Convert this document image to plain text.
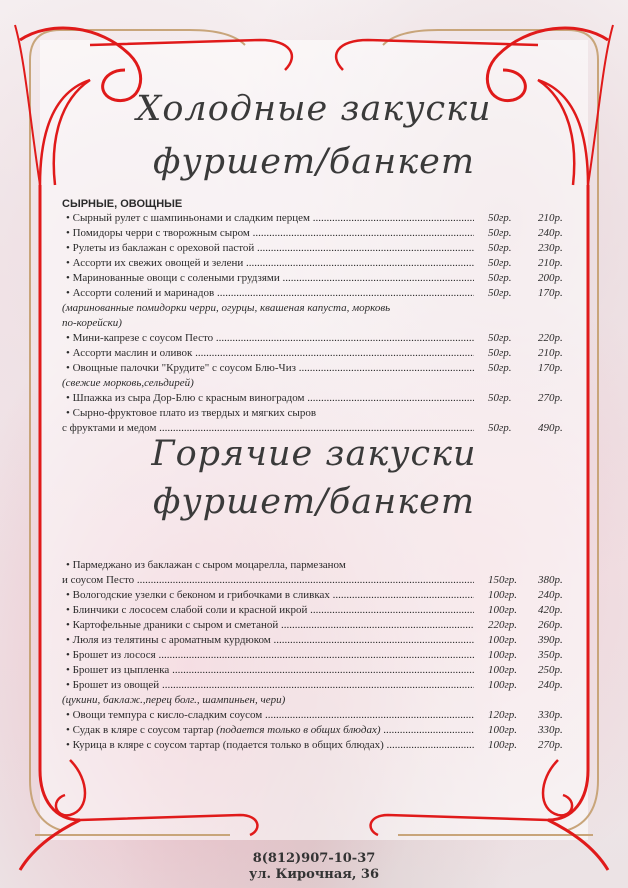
Холодные закуски
фуршет/банкет
СЫРНЫЕ, ОВОЩНЫЕ
• Сырный рулет с шампиньонами и сладким перцем .....	50гр. 210р.
• Помидоры черри с творожным сыром .....	50гр. 240р.
• Рулеты из баклажан с ореховой пастой .....	50гр. 230р.
• Ассорти их свежих овощей и зелени .....	50гр. 210р.
• Маринованные овощи с солеными грудзями .....	50гр. 200р.
• Ассорти солений и маринадов .....	50гр. 170р.
(маринованные помидорки черри, огурцы, квашеная капуста, морковь
по-корейски)
• Мини-капрезе с соусом Песто .....	50гр. 220р.
• Ассорти маслин и оливок .....	50гр. 210р.
• Овощные палочки "Крудите" с соусом Блю-Чиз .....	50гр. 170р.
(свежие морковь,сельдирей)
• Шпажка из сыра Дор-Блю с красным виноградом .....	50гр. 270р.
• Сырно-фруктовое плато из твердых и мягких сыров
с фруктами и медом .....	50гр. 490р.
Горячие закуски
фуршет/банкет
• Пармеджано из баклажан с сыром моцарелла, пармезаном
и соусом Песто .....	150гр. 380р.
• Вологодские узелки с беконом и грибочками в сливках .....	100гр. 240р.
• Блинчики с лососем слабой соли и красной икрой .....	100гр. 420р.
• Картофельные драники с сыром и сметаной .....	220гр. 260р.
• Люля из телятины с ароматным курдюком .....	100гр. 390р.
• Брошет из лосося .....	100гр. 350р.
• Брошет из цыпленка .....	100гр. 250р.
• Брошет из овощей .....	100гр. 240р.
(цукини, баклаж.,перец болг., шампиньен, чери)
• Овощи темпура с кисло-сладким соусом .....	120гр. 330р.
• Судак в кляре с соусом тартар (подается только в общих блюдах) .....	100гр. 330р.
• Курица в кляре с соусом тартар (подается только в общих блюдах) .....	100гр. 270р.
8(812)907-10-37
ул. Кирочная, 36
